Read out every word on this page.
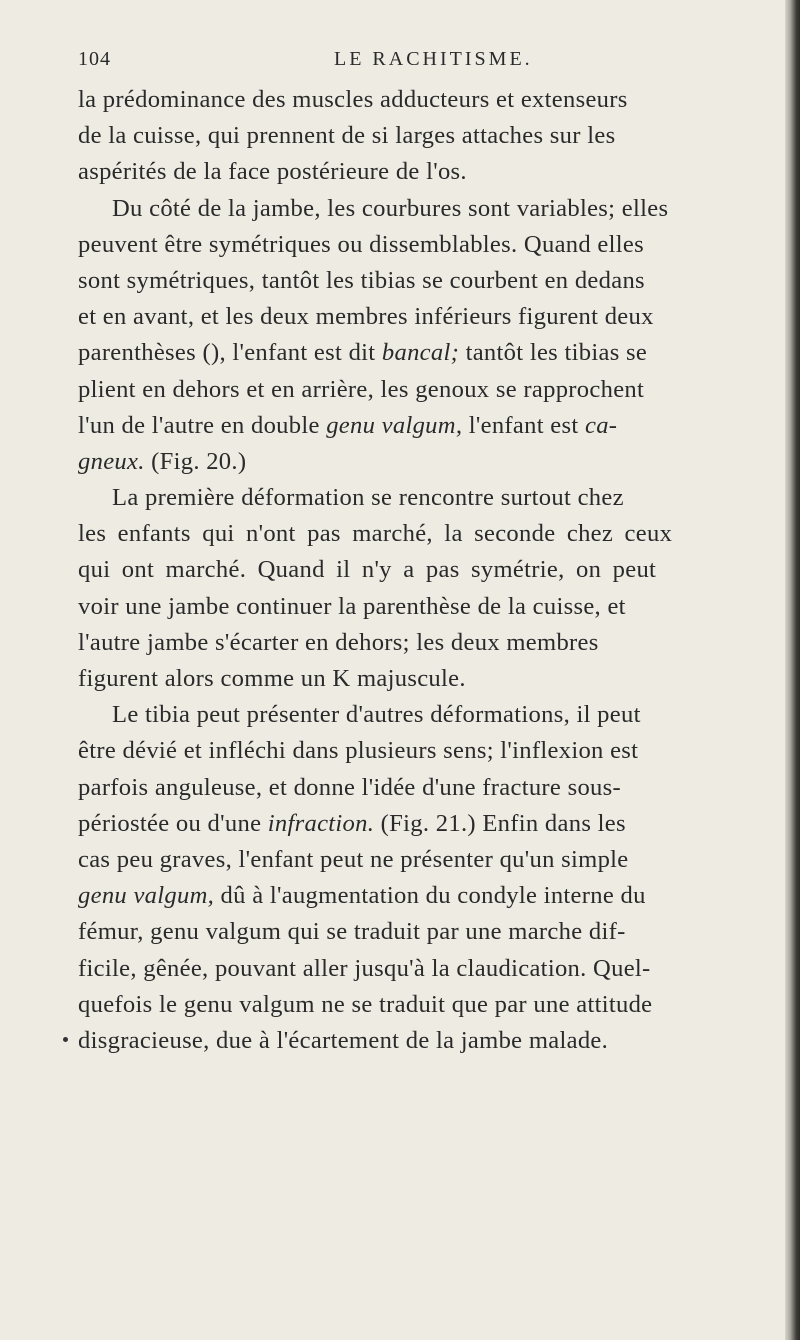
104	LE RACHITISME.
la prédominance des muscles adducteurs et extenseurs
de la cuisse, qui prennent de si larges attaches sur les
aspérités de la face postérieure de l'os.
Du côté de la jambe, les courbures sont variables; elles
peuvent être symétriques ou dissemblables. Quand elles
sont symétriques, tantôt les tibias se courbent en dedans
et en avant, et les deux membres inférieurs figurent deux
parenthèses (), l'enfant est dit bancal; tantôt les tibias se
plient en dehors et en arrière, les genoux se rapprochent
l'un de l'autre en double genu valgum, l'enfant est ca-
gneux. (Fig. 20.)
La première déformation se rencontre surtout chez
les enfants qui n'ont pas marché, la seconde chez ceux
qui ont marché. Quand il n'y a pas symétrie, on peut
voir une jambe continuer la parenthèse de la cuisse, et
l'autre jambe s'écarter en dehors; les deux membres
figurent alors comme un K majuscule.
Le tibia peut présenter d'autres déformations, il peut
être dévié et infléchi dans plusieurs sens; l'inflexion est
parfois anguleuse, et donne l'idée d'une fracture sous-
périostée ou d'une infraction. (Fig. 21.) Enfin dans les
cas peu graves, l'enfant peut ne présenter qu'un simple
genu valgum, dû à l'augmentation du condyle interne du
fémur, genu valgum qui se traduit par une marche dif-
ficile, gênée, pouvant aller jusqu'à la claudication. Quel-
quefois le genu valgum ne se traduit que par une attitude
disgracieuse, due à l'écartement de la jambe malade.
